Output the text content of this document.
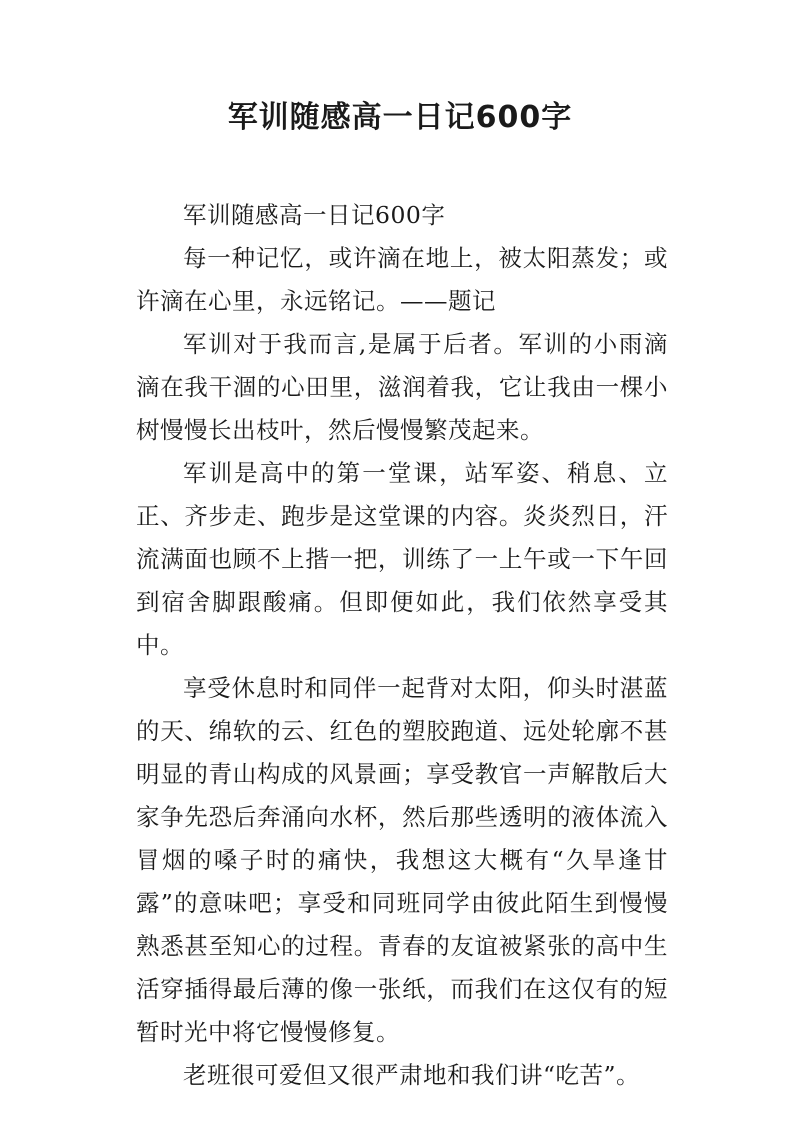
军训随感高一日记600字

军训随感高一日记600字

每一种记忆，或许滴在地上，被太阳蒸发；或许滴在心里，永远铭记。——题记

军训对于我而言,是属于后者。军训的小雨滴滴在我干涸的心田里，滋润着我，它让我由一棵小树慢慢长出枝叶，然后慢慢繁茂起来。

军训是高中的第一堂课，站军姿、稍息、立正、齐步走、跑步是这堂课的内容。炎炎烈日，汗流满面也顾不上揩一把，训练了一上午或一下午回到宿舍脚跟酸痛。但即便如此，我们依然享受其中。

享受休息时和同伴一起背对太阳，仰头时湛蓝的天、绵软的云、红色的塑胶跑道、远处轮廓不甚明显的青山构成的风景画；享受教官一声解散后大家争先恐后奔涌向水杯，然后那些透明的液体流入冒烟的嗓子时的痛快，我想这大概有“久旱逢甘露”的意味吧；享受和同班同学由彼此陌生到慢慢熟悉甚至知心的过程。青春的友谊被紧张的高中生活穿插得最后薄的像一张纸，而我们在这仅有的短暂时光中将它慢慢修复。

老班很可爱但又很严肃地和我们讲“吃苦”。
